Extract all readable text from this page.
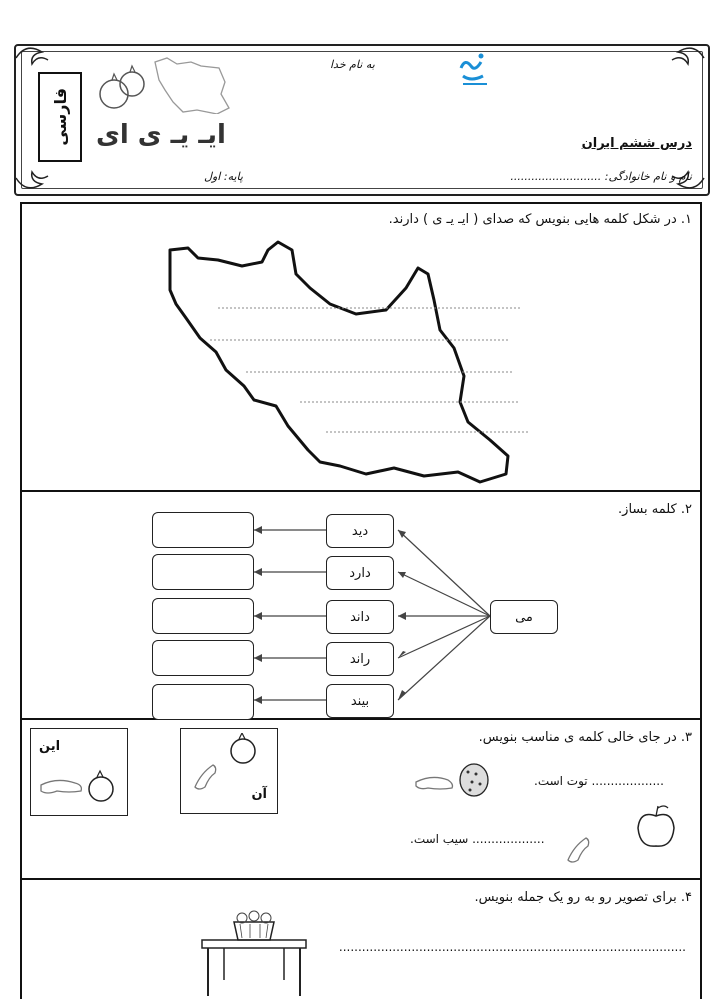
فارسی ایـ یـ ی ای
به نام خدا
درس ششم ایران
نام و نام خانوادگی: ..........................
پایه: اول
۱. در شکل کلمه هایی بنویس که صدای ( ایـ یـ ی ) دارند.
۲. کلمه بساز.
می
دید
دارد
داند
راند
بیند
۳. در جای خالی کلمه ی مناسب بنویس.
این
آن
................... توت است.
................... سیب است.
۴. برای تصویر رو به رو یک جمله بنویس.
...........................................................................................
